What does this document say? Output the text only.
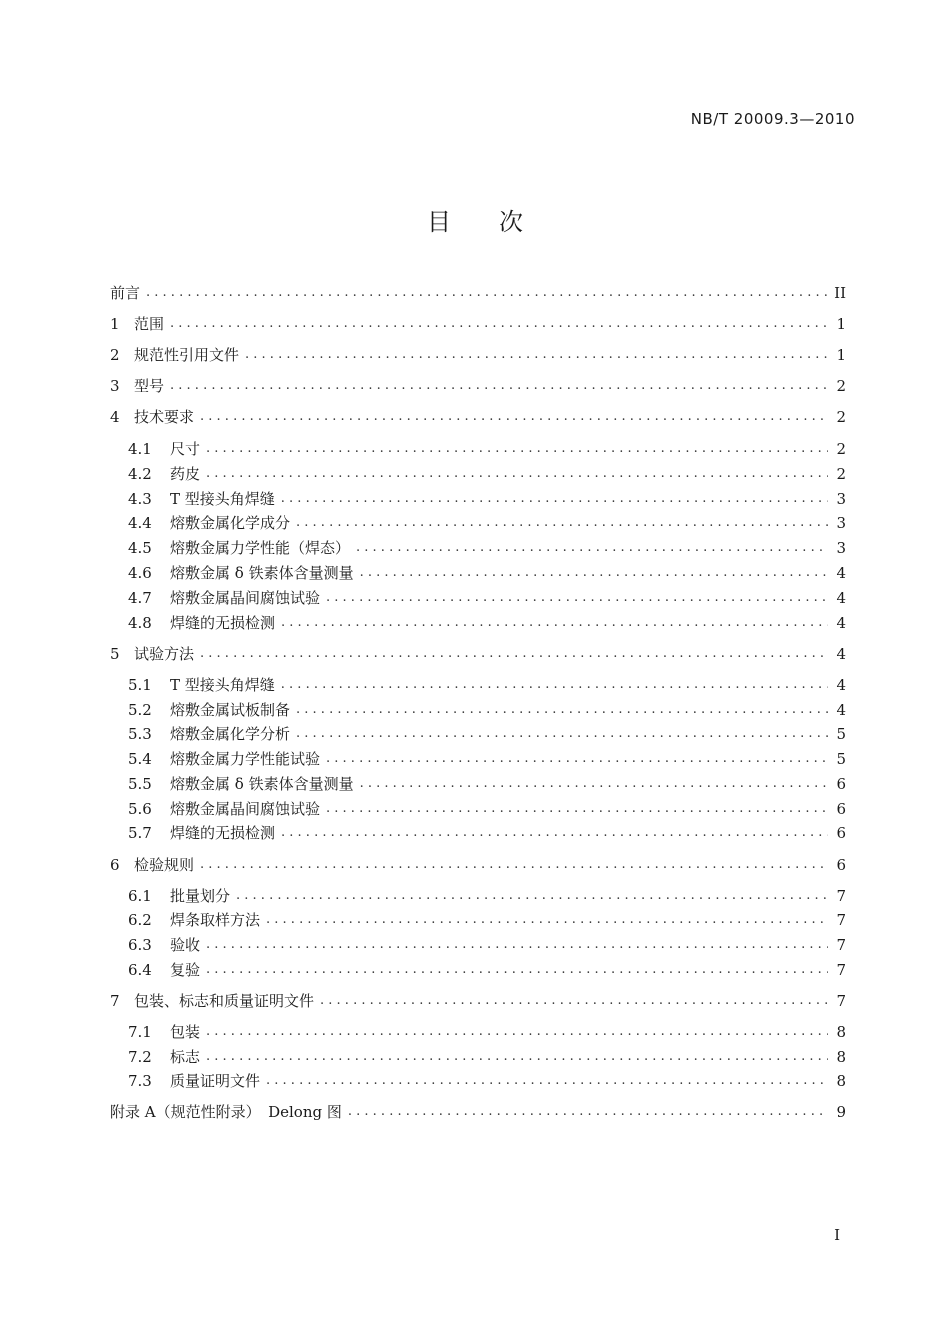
NB/T 20009.3—2010
目次
前言 . . .	II
1 范围 . . .	1
2 规范性引用文件 . . .	1
3 型号 . . .	2
4 技术要求 . . .	2
4.1	尺寸 . . .	2
4.2	药皮 . . .	2
4.3	T 型接头角焊缝 . . .	3
4.4	熔敷金属化学成分 . . .	3
4.5	熔敷金属力学性能（焊态） . . .	3
4.6	熔敷金属 δ 铁素体含量测量 . . .	4
4.7	熔敷金属晶间腐蚀试验 . . .	4
4.8	焊缝的无损检测 . . .	4
5 试验方法 . . .	4
5.1	T 型接头角焊缝 . . .	4
5.2	熔敷金属试板制备 . . .	4
5.3	熔敷金属化学分析 . . .	5
5.4	熔敷金属力学性能试验 . . .	5
5.5	熔敷金属 δ 铁素体含量测量 . . .	6
5.6	熔敷金属晶间腐蚀试验 . . .	6
5.7	焊缝的无损检测 . . .	6
6 检验规则 . . .	6
6.1	批量划分 . . .	7
6.2	焊条取样方法 . . .	7
6.3	验收 . . .	7
6.4	复验 . . .	7
7 包装、标志和质量证明文件 . . .	7
7.1	包装 . . .	8
7.2	标志 . . .	8
7.3	质量证明文件 . . .	8
附录 A（规范性附录）　Delong 图 . . .	9
I
